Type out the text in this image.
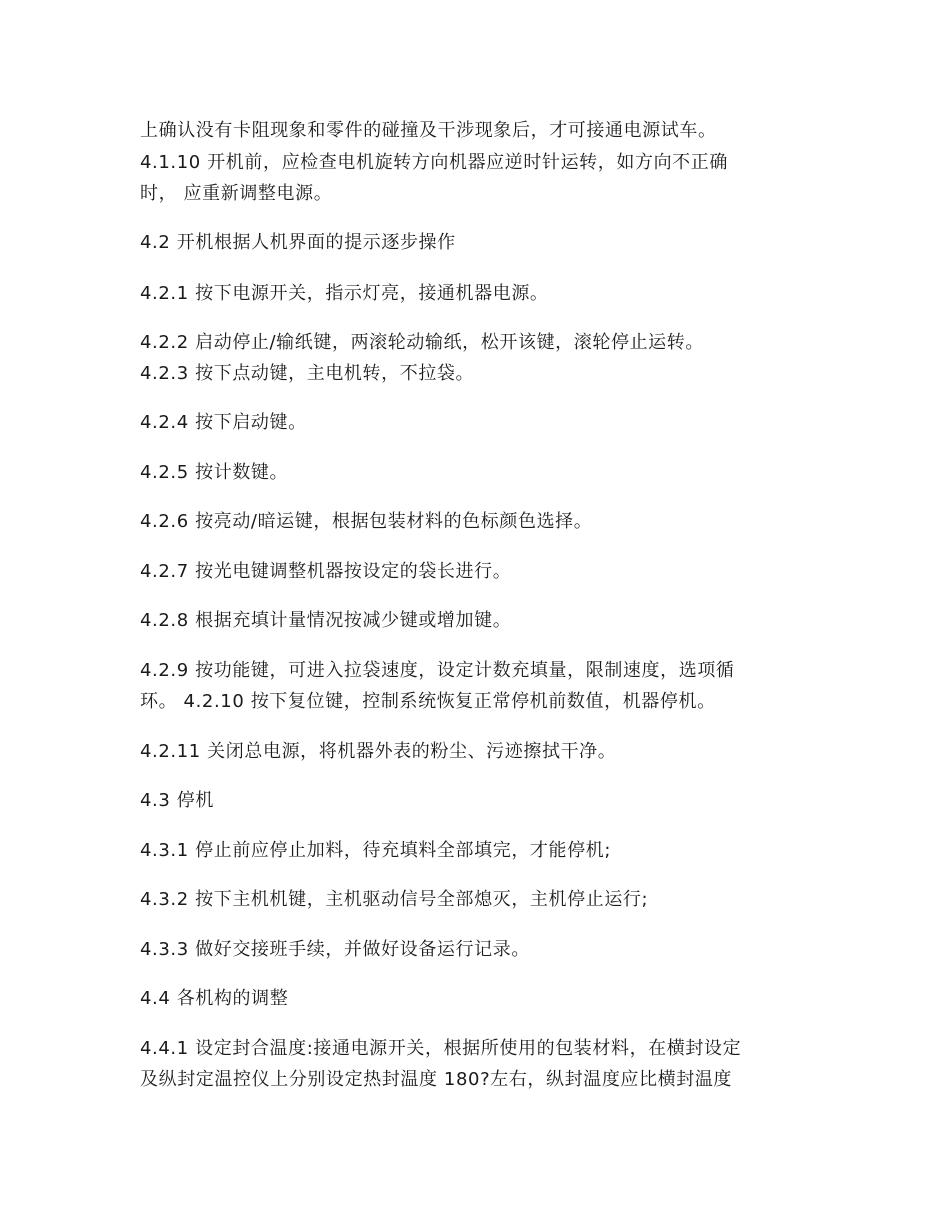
上确认没有卡阻现象和零件的碰撞及干涉现象后，才可接通电源试车。
4.1.10 开机前，应检查电机旋转方向机器应逆时针运转，如方向不正确
时， 应重新调整电源。
4.2 开机根据人机界面的提示逐步操作
4.2.1 按下电源开关，指示灯亮，接通机器电源。
4.2.2 启动停止/输纸键，两滚轮动输纸，松开该键，滚轮停止运转。
4.2.3 按下点动键，主电机转，不拉袋。
4.2.4 按下启动键。
4.2.5 按计数键。
4.2.6 按亮动/暗运键，根据包装材料的色标颜色选择。
4.2.7 按光电键调整机器按设定的袋长进行。
4.2.8 根据充填计量情况按减少键或增加键。
4.2.9 按功能键，可进入拉袋速度，设定计数充填量，限制速度，选项循
环。 4.2.10 按下复位键，控制系统恢复正常停机前数值，机器停机。
4.2.11 关闭总电源，将机器外表的粉尘、污迹擦拭干净。
4.3 停机
4.3.1 停止前应停止加料，待充填料全部填完，才能停机;
4.3.2 按下主机机键，主机驱动信号全部熄灭，主机停止运行;
4.3.3 做好交接班手续，并做好设备运行记录。
4.4 各机构的调整
4.4.1 设定封合温度:接通电源开关，根据所使用的包装材料，在横封设定
及纵封定温控仪上分别设定热封温度 180?左右，纵封温度应比横封温度
